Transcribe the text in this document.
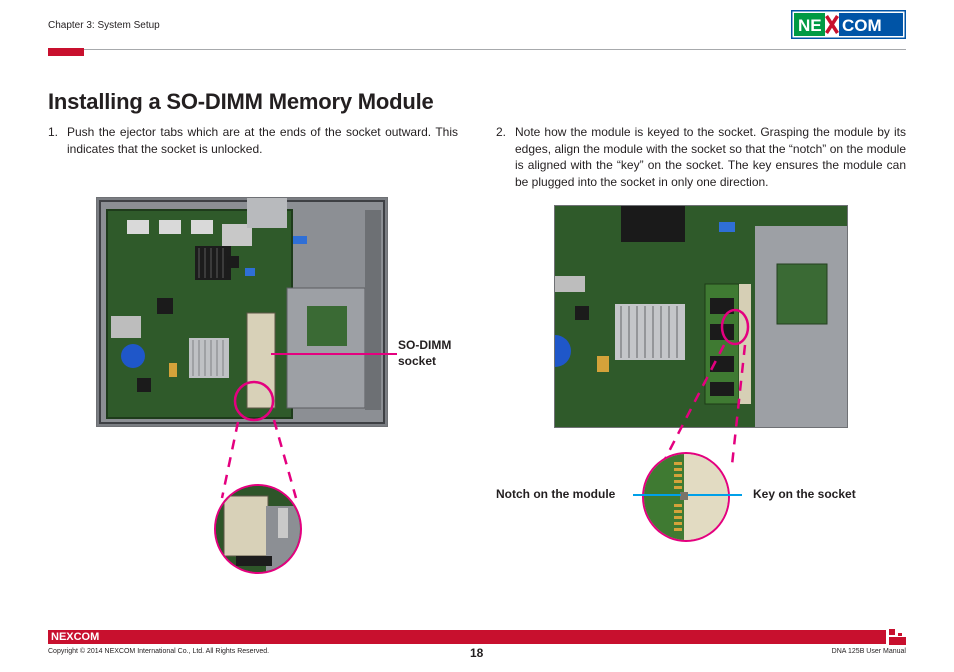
Chapter 3: System Setup	NE COM
Installing a SO-DIMM Memory Module
1. Push the ejector tabs which are at the ends of the socket outward. This indicates that the socket is unlocked.
2. Note how the module is keyed to the socket. Grasping the module by its edges, align the module with the socket so that the “notch” on the module is aligned with the “key” on the socket. The key ensures the module can be plugged into the socket in only one direction.
SO-DIMM
socket
Notch on the module	Key on the socket
NEXCOM
Copyright © 2014 NEXCOM International Co., Ltd. All Rights Reserved.	18	DNA 125B User Manual
